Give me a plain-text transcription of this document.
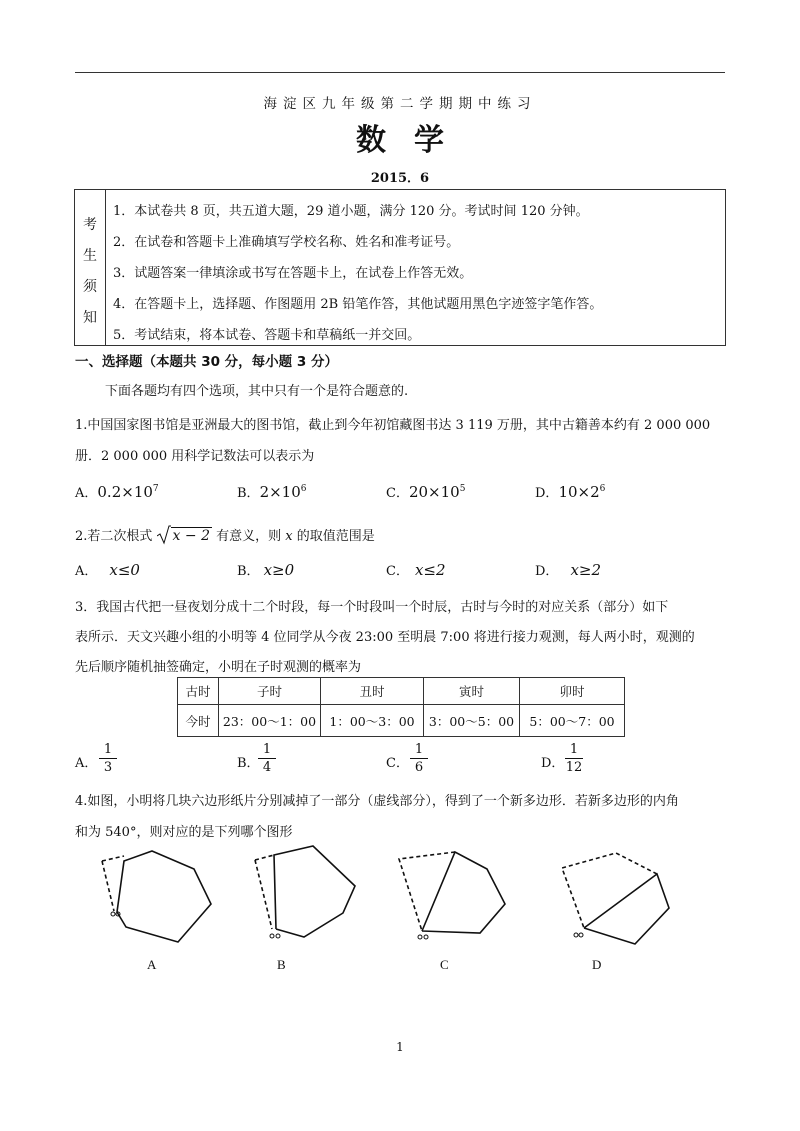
海淀区九年级第二学期期中练习
数学
2015．6
考
生
须
知
1．本试卷共 8 页，共五道大题，29 道小题，满分 120 分。考试时间 120 分钟。
2．在试卷和答题卡上准确填写学校名称、姓名和准考证号。
3．试题答案一律填涂或书写在答题卡上，在试卷上作答无效。
4．在答题卡上，选择题、作图题用 2B 铅笔作答，其他试题用黑色字迹签字笔作答。
5．考试结束，将本试卷、答题卡和草稿纸一并交回。
一、选择题（本题共 30 分，每小题 3 分）
下面各题均有四个选项，其中只有一个是符合题意的.
1.中国国家图书馆是亚洲最大的图书馆，截止到今年初馆藏图书达 3 119 万册，其中古籍善本约有 2 000 000
册．2 000 000 用科学记数法可以表示为
A．$0.2\times 10^7$	B．$2\times 10^6$	C．$20\times 10^5$	D．$10\times 2^6$
2.若二次根式 x − 2 有意义，则 x 的取值范围是
A． x≤0	B． x≥0	C． x≤2	D． x≥2
3．我国古代把一昼夜划分成十二个时段，每一个时段叫一个时辰，古时与今时的对应关系（部分）如下
表所示．天文兴趣小组的小明等 4 位同学从今夜 23:00 至明晨 7:00 将进行接力观测，每人两小时，观测的
先后顺序随机抽签确定，小明在子时观测的概率为
古时	子时	丑时	寅时	卯时
今时	23：00～1：00	1：00～3：00	3：00～5：00	5：00～7：00
A．
1
3	B．
1
4	C．
1
6	D．
1
12
4.如图，小明将几块六边形纸片分别减掉了一部分（虚线部分），得到了一个新多边形．若新多边形的内角
和为 540°，则对应的是下列哪个图形
A	B	C	D
1
